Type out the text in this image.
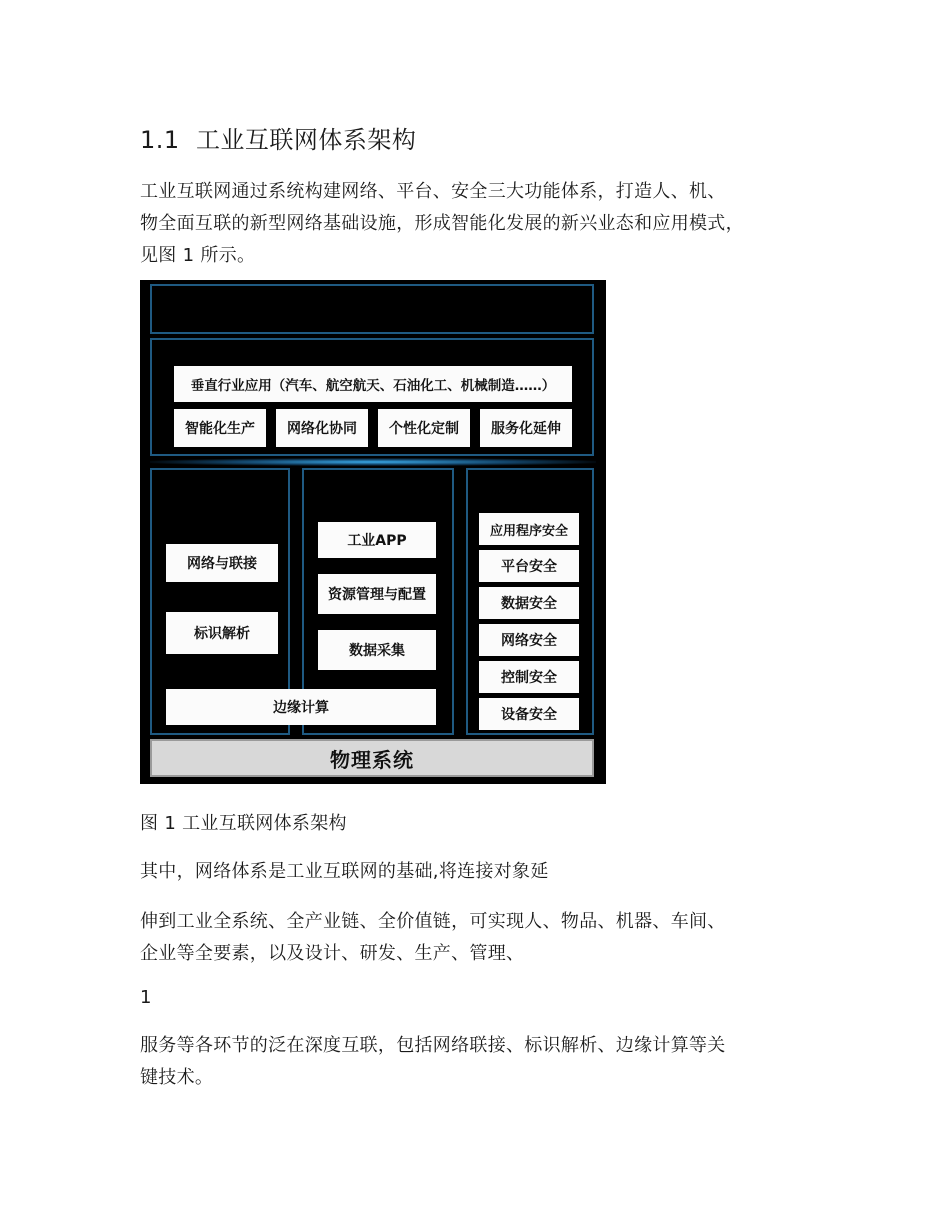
1.1 工业互联网体系架构
工业互联网通过系统构建网络、平台、安全三大功能体系，打造人、机、
物全面互联的新型网络基础设施，形成智能化发展的新兴业态和应用模式，
见图 1 所示。
垂直行业应用（汽车、航空航天、石油化工、机械制造……）
智能化生产	网络化协同	个性化定制	服务化延伸
网络与联接
标识解析
工业APP
资源管理与配置
数据采集
边缘计算
应用程序安全
平台安全
数据安全
网络安全
控制安全
设备安全
物理系统
图 1 工业互联网体系架构
其中，网络体系是工业互联网的基础,将连接对象延
伸到工业全系统、全产业链、全价值链，可实现人、物品、机器、车间、
企业等全要素，以及设计、研发、生产、管理、
1
服务等各环节的泛在深度互联，包括网络联接、标识解析、边缘计算等关
键技术。
